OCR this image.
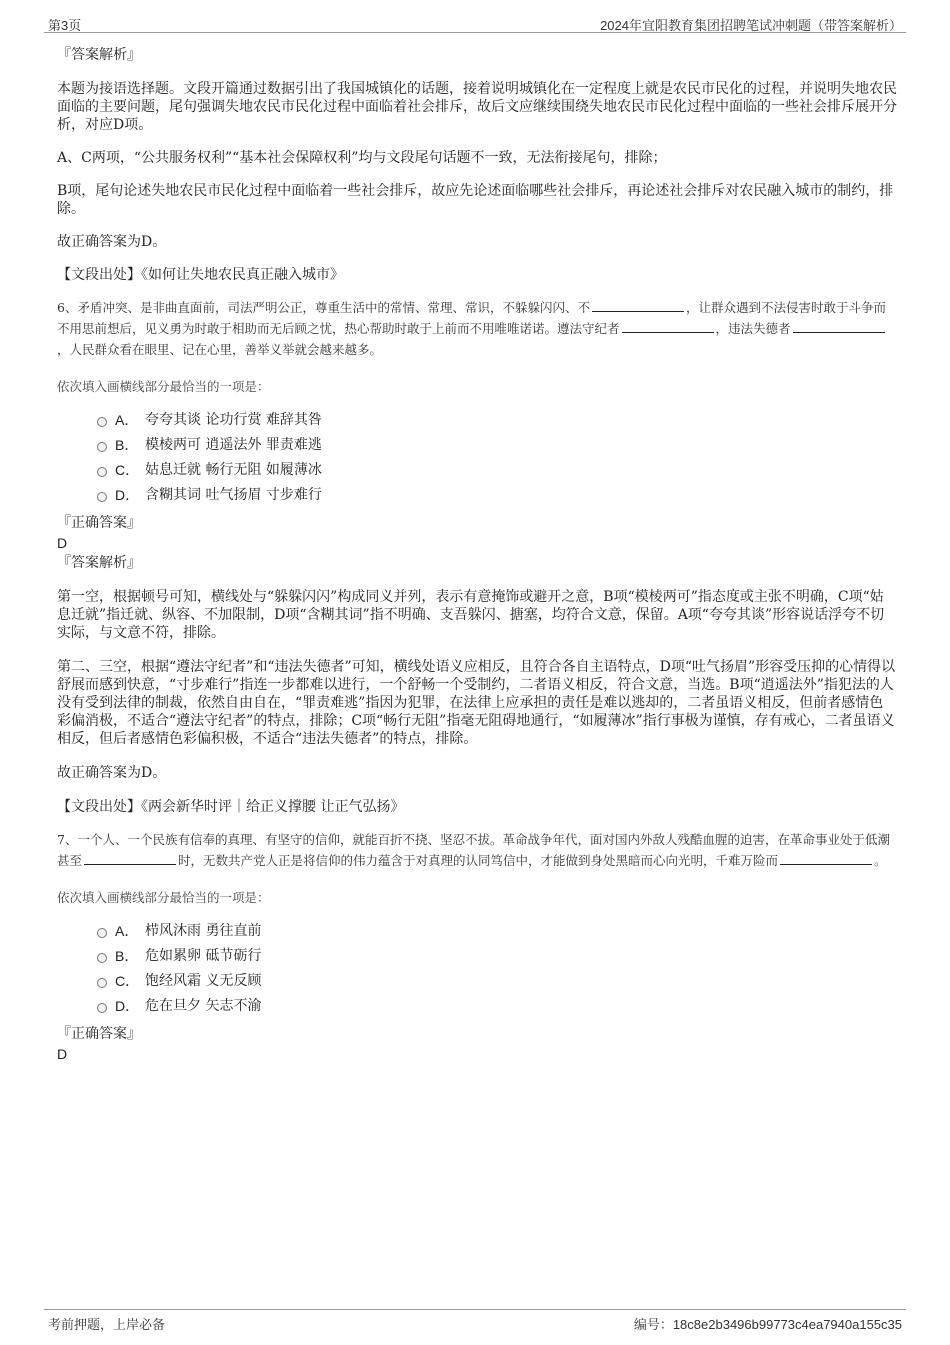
第3页	2024年宜阳教育集团招聘笔试冲刺题（带答案解析）

『答案解析』

本题为接语选择题。文段开篇通过数据引出了我国城镇化的话题，接着说明城镇化在一定程度上就是农民市民化的过程，并说明失地农民面临的主要问题，尾句强调失地农民市民化过程中面临着社会排斥，故后文应继续围绕失地农民市民化过程中面临的一些社会排斥展开分析，对应D项。

A、C两项，“公共服务权利”“基本社会保障权利”均与文段尾句话题不一致，无法衔接尾句，排除；

B项，尾句论述失地农民市民化过程中面临着一些社会排斥，故应先论述面临哪些社会排斥，再论述社会排斥对农民融入城市的制约，排除。

故正确答案为D。

【文段出处】《如何让失地农民真正融入城市》

6、矛盾冲突、是非曲直面前，司法严明公正，尊重生活中的常情、常理、常识，不躲躲闪闪、不	，让群众遇到不法侵害时敢于斗争而不用思前想后，见义勇为时敢于相助而无后顾之忧，热心帮助时敢于上前而不用唯唯诺诺。遵法守纪者	，违法失德者，人民群众看在眼里、记在心里，善举义举就会越来越多。

依次填入画横线部分最恰当的一项是：

A． 夸夸其谈 论功行赏 难辞其咎
B． 模棱两可 逍遥法外 罪责难逃
C． 姑息迁就 畅行无阻 如履薄冰
D． 含糊其词 吐气扬眉 寸步难行

『正确答案』

D

『答案解析』

第一空，根据顿号可知，横线处与“躲躲闪闪”构成同义并列，表示有意掩饰或避开之意，B项“模棱两可”指态度或主张不明确，C项“姑息迁就”指迁就、纵容、不加限制，D项“含糊其词”指不明确、支吾躲闪、搪塞，均符合文意，保留。A项“夸夸其谈”形容说话浮夸不切实际，与文意不符，排除。

第二、三空，根据“遵法守纪者”和“违法失德者”可知，横线处语义应相反，且符合各自主语特点，D项“吐气扬眉”形容受压抑的心情得以舒展而感到快意，“寸步难行”指连一步都难以进行，一个舒畅一个受制约，二者语义相反，符合文意，当选。B项“逍遥法外”指犯法的人没有受到法律的制裁，依然自由自在，“罪责难逃”指因为犯罪，在法律上应承担的责任是难以逃却的，二者虽语义相反，但前者感情色彩偏消极，不适合“遵法守纪者”的特点，排除；C项“畅行无阻”指毫无阻碍地通行，“如履薄冰”指行事极为谨慎，存有戒心，二者虽语义相反，但后者感情色彩偏积极，不适合“违法失德者”的特点，排除。

故正确答案为D。

【文段出处】《两会新华时评｜给正义撑腰 让正气弘扬》

7、一个人、一个民族有信奉的真理、有坚守的信仰，就能百折不挠、坚忍不拔。革命战争年代，面对国内外敌人残酷血腥的迫害，在革命事业处于低潮甚至	时，无数共产党人正是将信仰的伟力蕴含于对真理的认同笃信中，才能做到身处黑暗而心向光明，千难万险而	。

依次填入画横线部分最恰当的一项是：

A． 栉风沐雨 勇往直前
B． 危如累卵 砥节砺行
C． 饱经风霜 义无反顾
D． 危在旦夕 矢志不渝

『正确答案』

D

考前押题，上岸必备	编号：18c8e2b3496b99773c4ea7940a155c35
